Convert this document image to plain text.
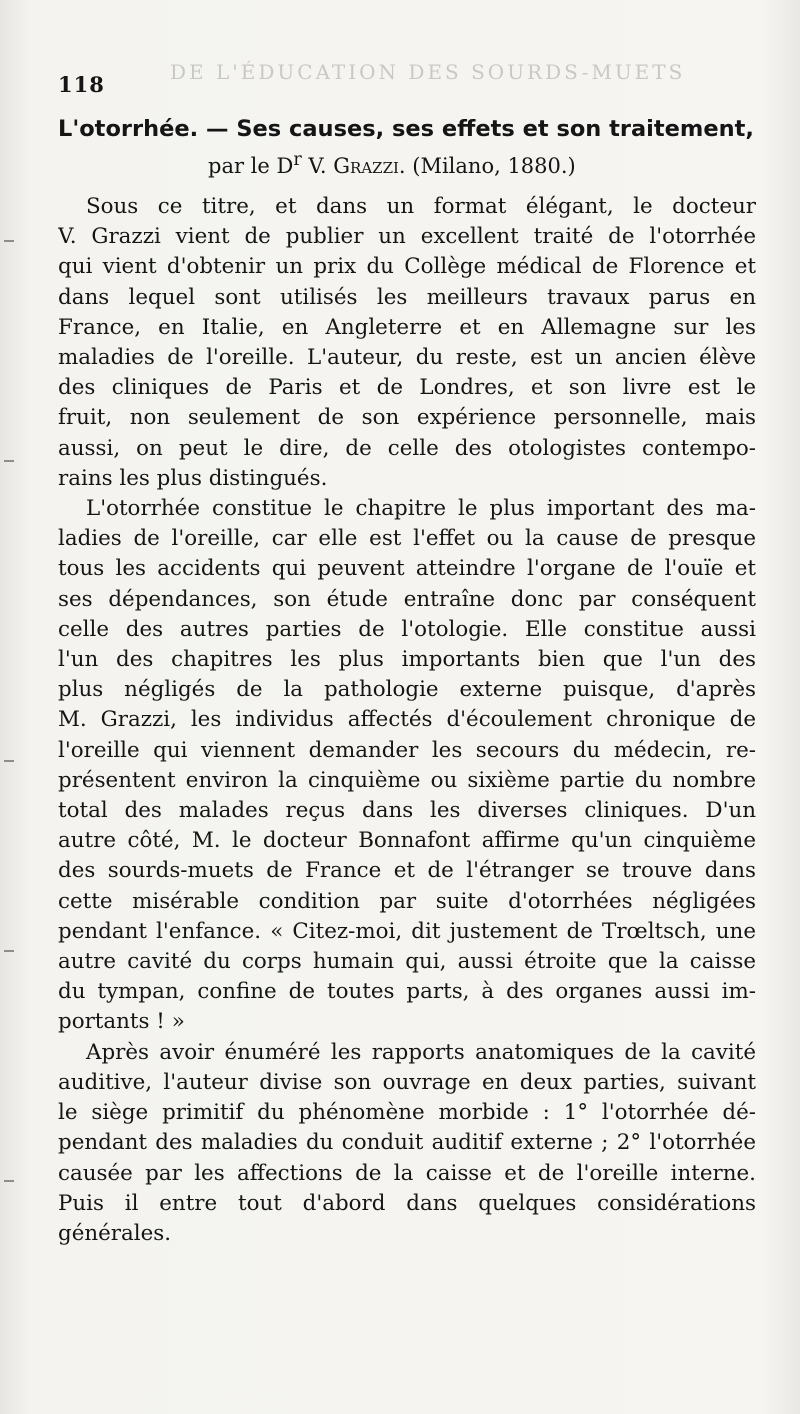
DE L'ÉDUCATION DES SOURDS-MUETS
118
L'otorrhée. — Ses causes, ses effets et son traitement,
par le $D^r$ V. Grazzi. (Milano, 1880.)

Sous ce titre, et dans un format élégant, le docteur
V. Grazzi vient de publier un excellent traité de l'otorrhée
qui vient d'obtenir un prix du Collège médical de Florence et
dans lequel sont utilisés les meilleurs travaux parus en
France, en Italie, en Angleterre et en Allemagne sur les
maladies de l'oreille. L'auteur, du reste, est un ancien élève
des cliniques de Paris et de Londres, et son livre est le
fruit, non seulement de son expérience personnelle, mais
aussi, on peut le dire, de celle des otologistes contempo-
rains les plus distingués.

L'otorrhée constitue le chapitre le plus important des ma-
ladies de l'oreille, car elle est l'effet ou la cause de presque
tous les accidents qui peuvent atteindre l'organe de l'ouïe et
ses dépendances, son étude entraîne donc par conséquent
celle des autres parties de l'otologie. Elle constitue aussi
l'un des chapitres les plus importants bien que l'un des
plus négligés de la pathologie externe puisque, d'après
M. Grazzi, les individus affectés d'écoulement chronique de
l'oreille qui viennent demander les secours du médecin, re-
présentent environ la cinquième ou sixième partie du nombre
total des malades reçus dans les diverses cliniques. D'un
autre côté, M. le docteur Bonnafont affirme qu'un cinquième
des sourds-muets de France et de l'étranger se trouve dans
cette misérable condition par suite d'otorrhées négligées
pendant l'enfance. « Citez-moi, dit justement de Trœltsch, une
autre cavité du corps humain qui, aussi étroite que la caisse
du tympan, confine de toutes parts, à des organes aussi im-
portants ! »

Après avoir énuméré les rapports anatomiques de la cavité
auditive, l'auteur divise son ouvrage en deux parties, suivant
le siège primitif du phénomène morbide : 1° l'otorrhée dé-
pendant des maladies du conduit auditif externe ; 2° l'otorrhée
causée par les affections de la caisse et de l'oreille interne.
Puis il entre tout d'abord dans quelques considérations
générales.
